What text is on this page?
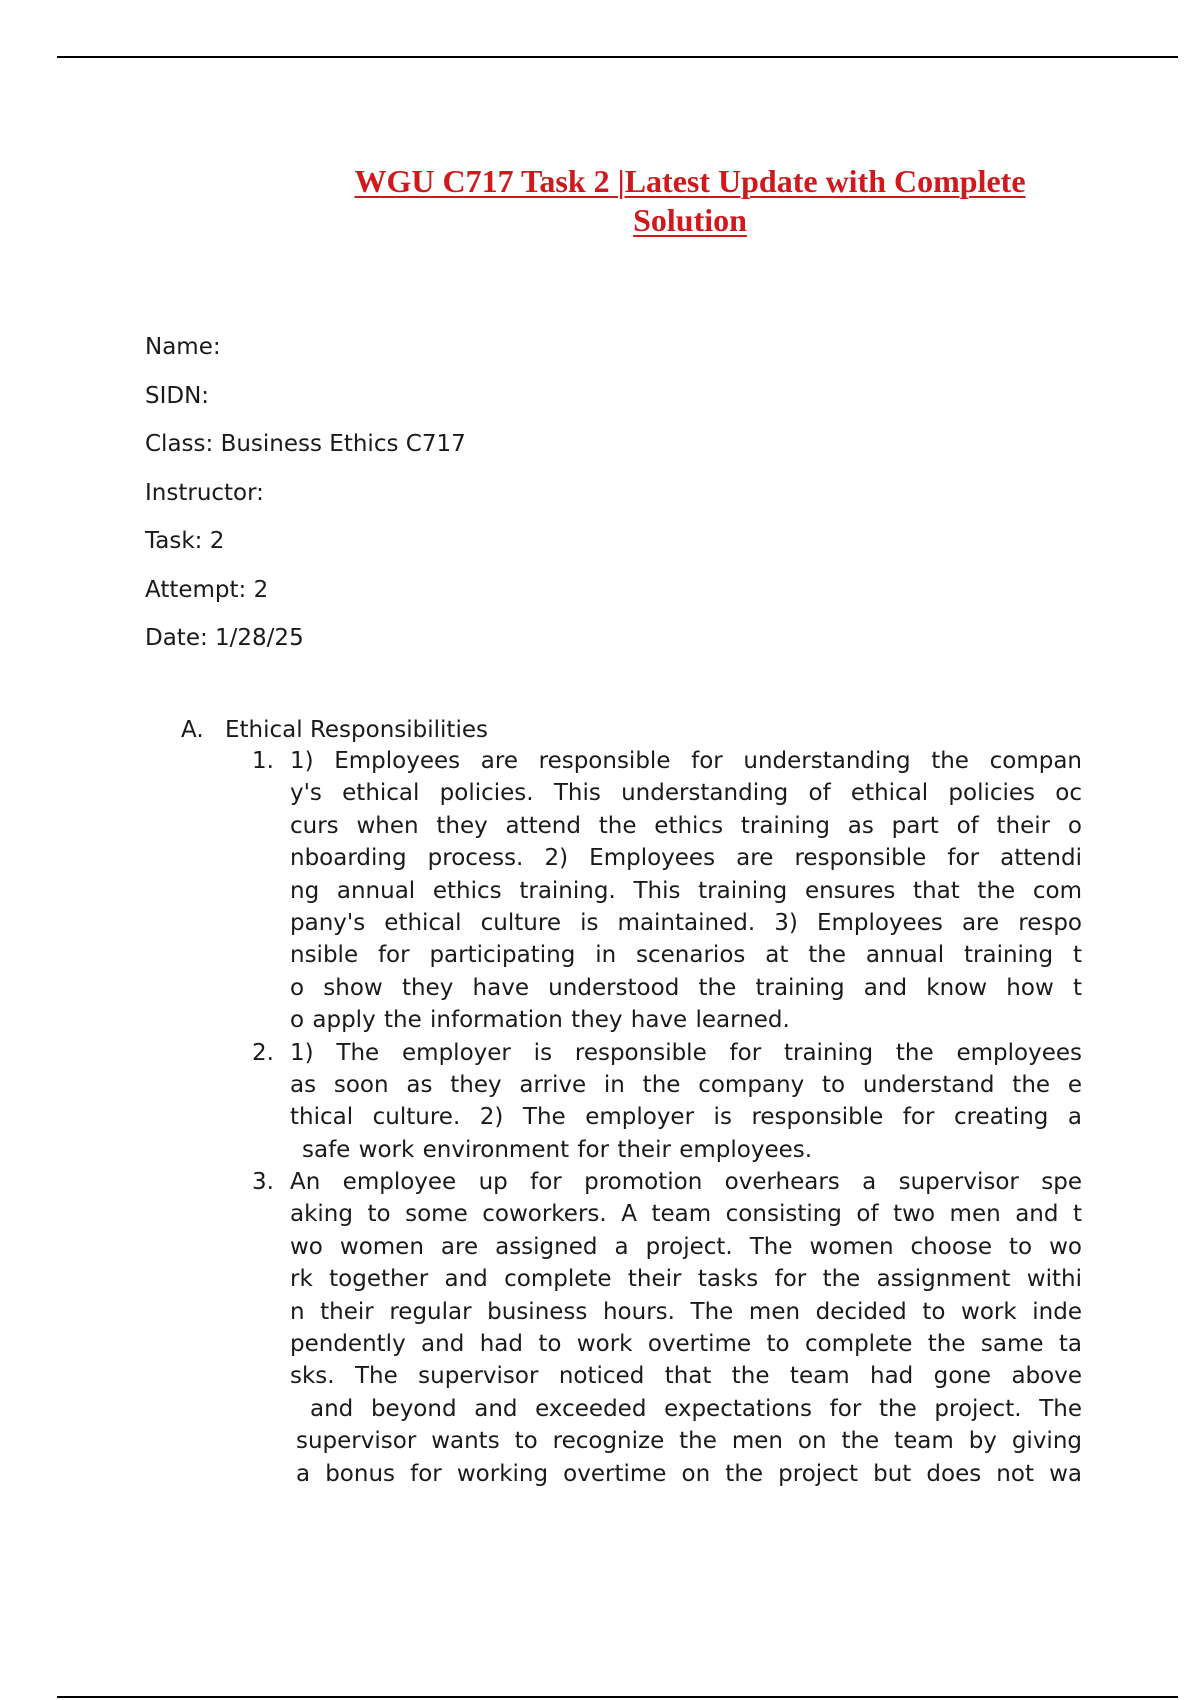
WGU C717 Task 2 |Latest Update with Complete
Solution
Name:
SIDN:
Class: Business Ethics C717
Instructor:
Task: 2
Attempt: 2
Date: 1/28/25
A. Ethical Responsibilities
1. 1) Employees are responsible for understanding the compan
y's ethical policies. This understanding of ethical policies oc
curs when they attend the ethics training as part of their o
nboarding process. 2) Employees are responsible for attendi
ng annual ethics training. This training ensures that the com
pany's ethical culture is maintained. 3) Employees are respo
nsible for participating in scenarios at the annual training t
o show they have understood the training and know how t
o apply the information they have learned.
2. 1) The employer is responsible for training the employees
as soon as they arrive in the company to understand the e
thical culture. 2) The employer is responsible for creating a
safe work environment for their employees.
3. An employee up for promotion overhears a supervisor spe
aking to some coworkers. A team consisting of two men and t
wo women are assigned a project. The women choose to wo
rk together and complete their tasks for the assignment withi
n their regular business hours. The men decided to work inde
pendently and had to work overtime to complete the same ta
sks. The supervisor noticed that the team had gone above
and beyond and exceeded expectations for the project. The
supervisor wants to recognize the men on the team by giving
a bonus for working overtime on the project but does not wa
